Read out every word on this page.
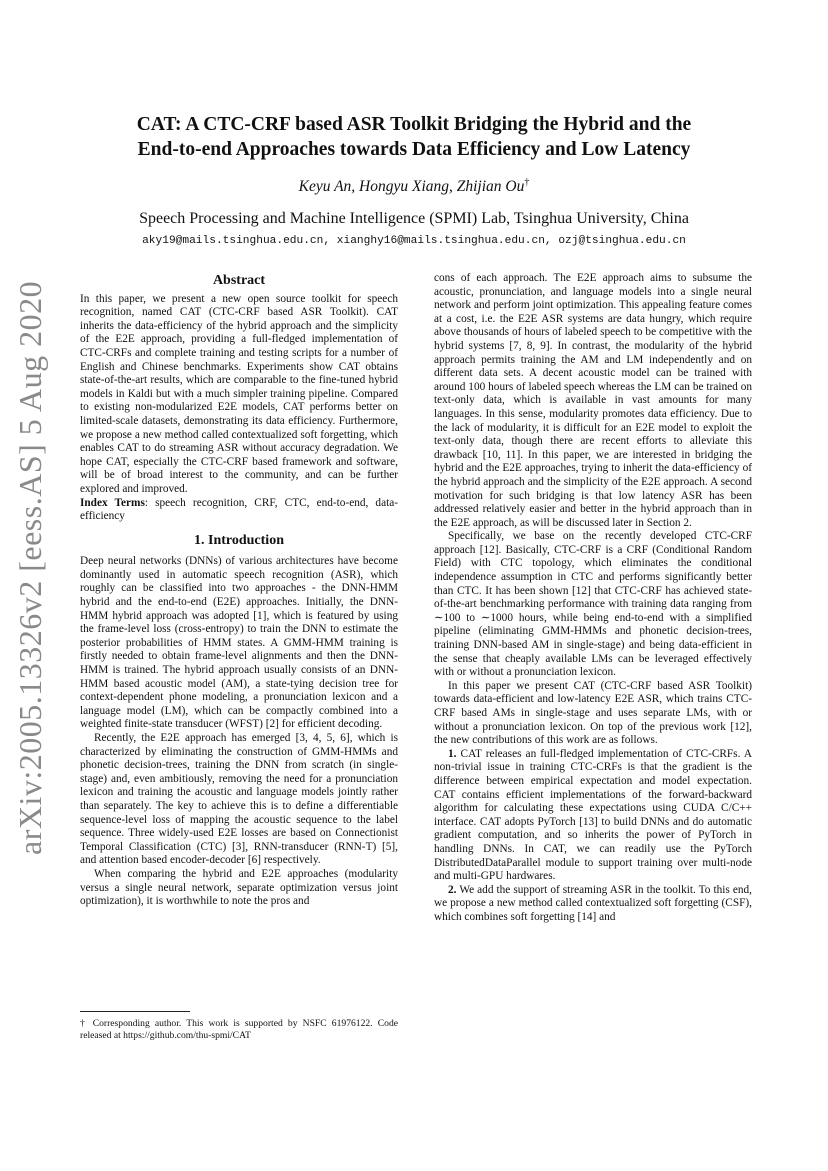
arXiv:2005.13326v2 [eess.AS] 5 Aug 2020
CAT: A CTC-CRF based ASR Toolkit Bridging the Hybrid and the
End-to-end Approaches towards Data Efficiency and Low Latency
Keyu An, Hongyu Xiang, Zhijian Ou†
Speech Processing and Machine Intelligence (SPMI) Lab, Tsinghua University, China
aky19@mails.tsinghua.edu.cn, xianghy16@mails.tsinghua.edu.cn, ozj@tsinghua.edu.cn
Abstract

In this paper, we present a new open source toolkit for speech recognition, named CAT (CTC-CRF based ASR Toolkit). CAT inherits the data-efficiency of the hybrid approach and the simplicity of the E2E approach, providing a full-fledged implementation of CTC-CRFs and complete training and testing scripts for a number of English and Chinese benchmarks. Experiments show CAT obtains state-of-the-art results, which are comparable to the fine-tuned hybrid models in Kaldi but with a much simpler training pipeline. Compared to existing non-modularized E2E models, CAT performs better on limited-scale datasets, demonstrating its data efficiency. Furthermore, we propose a new method called contextualized soft forgetting, which enables CAT to do streaming ASR without accuracy degradation. We hope CAT, especially the CTC-CRF based framework and software, will be of broad interest to the community, and can be further explored and improved.

Index Terms: speech recognition, CRF, CTC, end-to-end, data-efficiency

1. Introduction

Deep neural networks (DNNs) of various architectures have become dominantly used in automatic speech recognition (ASR), which roughly can be classified into two approaches - the DNN-HMM hybrid and the end-to-end (E2E) approaches. Initially, the DNN-HMM hybrid approach was adopted [1], which is featured by using the frame-level loss (cross-entropy) to train the DNN to estimate the posterior probabilities of HMM states. A GMM-HMM training is firstly needed to obtain frame-level alignments and then the DNN-HMM is trained. The hybrid approach usually consists of an DNN-HMM based acoustic model (AM), a state-tying decision tree for context-dependent phone modeling, a pronunciation lexicon and a language model (LM), which can be compactly combined into a weighted finite-state transducer (WFST) [2] for efficient decoding.

Recently, the E2E approach has emerged [3, 4, 5, 6], which is characterized by eliminating the construction of GMM-HMMs and phonetic decision-trees, training the DNN from scratch (in single-stage) and, even ambitiously, removing the need for a pronunciation lexicon and training the acoustic and language models jointly rather than separately. The key to achieve this is to define a differentiable sequence-level loss of mapping the acoustic sequence to the label sequence. Three widely-used E2E losses are based on Connectionist Temporal Classification (CTC) [3], RNN-transducer (RNN-T) [5], and attention based encoder-decoder [6] respectively.

When comparing the hybrid and E2E approaches (modularity versus a single neural network, separate optimization versus joint optimization), it is worthwhile to note the pros and

† Corresponding author. This work is supported by NSFC 61976122. Code released at https://github.com/thu-spmi/CAT

cons of each approach. The E2E approach aims to subsume the acoustic, pronunciation, and language models into a single neural network and perform joint optimization. This appealing feature comes at a cost, i.e. the E2E ASR systems are data hungry, which require above thousands of hours of labeled speech to be competitive with the hybrid systems [7, 8, 9]. In contrast, the modularity of the hybrid approach permits training the AM and LM independently and on different data sets. A decent acoustic model can be trained with around 100 hours of labeled speech whereas the LM can be trained on text-only data, which is available in vast amounts for many languages. In this sense, modularity promotes data efficiency. Due to the lack of modularity, it is difficult for an E2E model to exploit the text-only data, though there are recent efforts to alleviate this drawback [10, 11]. In this paper, we are interested in bridging the hybrid and the E2E approaches, trying to inherit the data-efficiency of the hybrid approach and the simplicity of the E2E approach. A second motivation for such bridging is that low latency ASR has been addressed relatively easier and better in the hybrid approach than in the E2E approach, as will be discussed later in Section 2.

Specifically, we base on the recently developed CTC-CRF approach [12]. Basically, CTC-CRF is a CRF (Conditional Random Field) with CTC topology, which eliminates the conditional independence assumption in CTC and performs significantly better than CTC. It has been shown [12] that CTC-CRF has achieved state-of-the-art benchmarking performance with training data ranging from ∼100 to ∼1000 hours, while being end-to-end with a simplified pipeline (eliminating GMM-HMMs and phonetic decision-trees, training DNN-based AM in single-stage) and being data-efficient in the sense that cheaply available LMs can be leveraged effectively with or without a pronunciation lexicon.

In this paper we present CAT (CTC-CRF based ASR Toolkit) towards data-efficient and low-latency E2E ASR, which trains CTC-CRF based AMs in single-stage and uses separate LMs, with or without a pronunciation lexicon. On top of the previous work [12], the new contributions of this work are as follows.

1. CAT releases an full-fledged implementation of CTC-CRFs. A non-trivial issue in training CTC-CRFs is that the gradient is the difference between empirical expectation and model expectation. CAT contains efficient implementations of the forward-backward algorithm for calculating these expectations using CUDA C/C++ interface. CAT adopts PyTorch [13] to build DNNs and do automatic gradient computation, and so inherits the power of PyTorch in handling DNNs. In CAT, we can readily use the PyTorch DistributedDataParallel module to support training over multi-node and multi-GPU hardwares.

2. We add the support of streaming ASR in the toolkit. To this end, we propose a new method called contextualized soft forgetting (CSF), which combines soft forgetting [14] and
